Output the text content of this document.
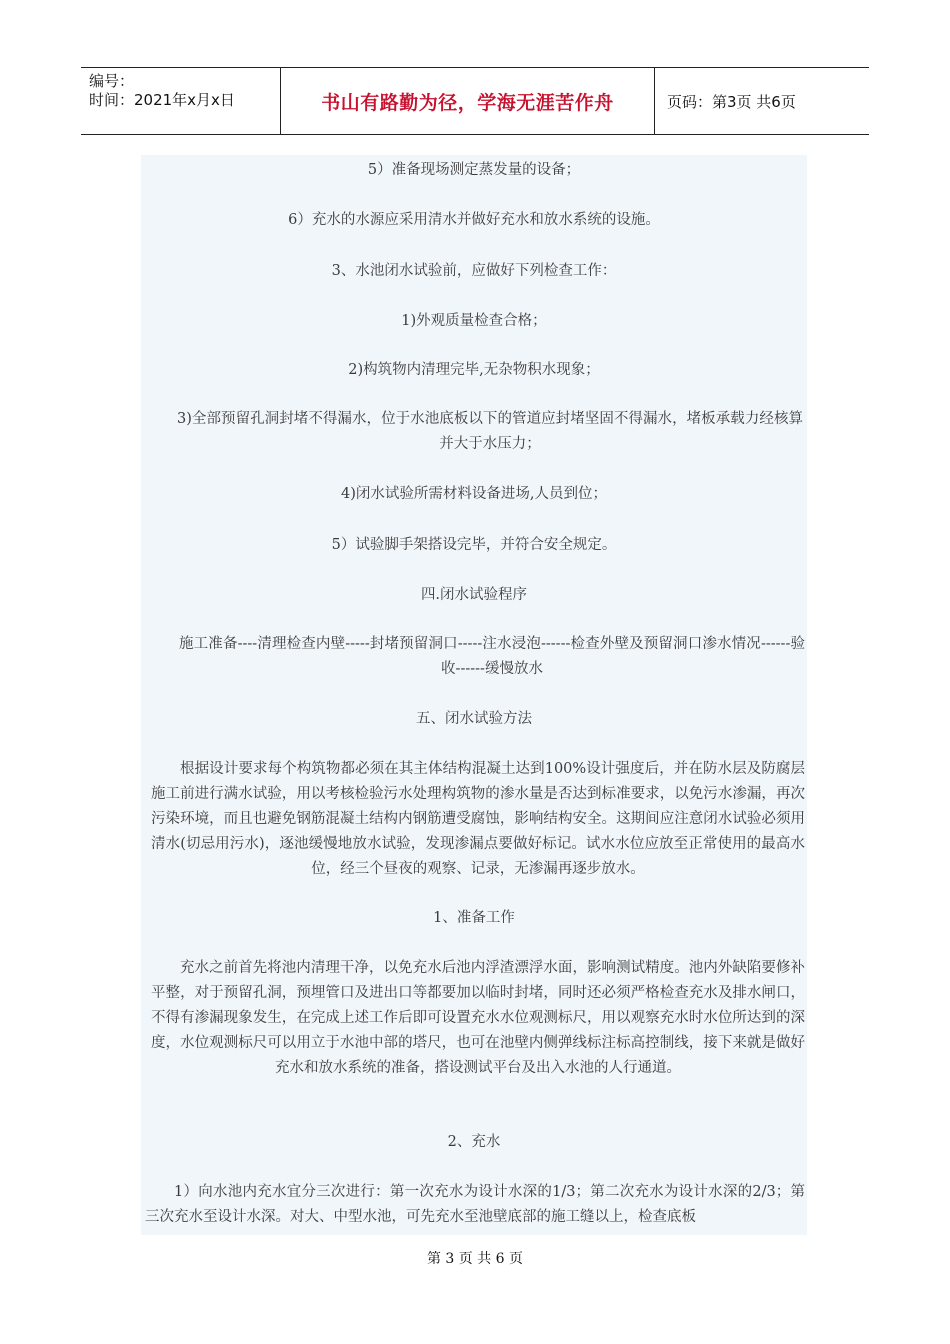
编号：
时间：2021年x月x日	书山有路勤为径，学海无涯苦作舟	页码：第3页 共6页

5）准备现场测定蒸发量的设备；

6）充水的水源应采用清水并做好充水和放水系统的设施。

3、水池闭水试验前，应做好下列检查工作：

1)外观质量检查合格；

2)构筑物内清理完毕,无杂物积水现象；

3)全部预留孔洞封堵不得漏水，位于水池底板以下的管道应封堵坚固不得漏水，堵板承载力经核算并大于水压力；

4)闭水试验所需材料设备进场,人员到位；

5）试验脚手架搭设完毕，并符合安全规定。

四.闭水试验程序

施工准备----清理检查内壁-----封堵预留洞口-----注水浸泡------检查外壁及预留洞口渗水情况------验收------缓慢放水

五、闭水试验方法

根据设计要求每个构筑物都必须在其主体结构混凝土达到100%设计强度后，并在防水层及防腐层施工前进行满水试验，用以考核检验污水处理构筑物的渗水量是否达到标准要求，以免污水渗漏，再次污染环境，而且也避免钢筋混凝土结构内钢筋遭受腐蚀，影响结构安全。这期间应注意闭水试验必须用清水(切忌用污水)，逐池缓慢地放水试验，发现渗漏点要做好标记。试水水位应放至正常使用的最高水位，经三个昼夜的观察、记录，无渗漏再逐步放水。

1、准备工作

充水之前首先将池内清理干净，以免充水后池内浮渣漂浮水面，影响测试精度。池内外缺陷要修补平整，对于预留孔洞，预埋管口及进出口等都要加以临时封堵，同时还必须严格检查充水及排水闸口，不得有渗漏现象发生，在完成上述工作后即可设置充水水位观测标尺，用以观察充水时水位所达到的深度，水位观测标尺可以用立于水池中部的塔尺，也可在池壁内侧弹线标注标高控制线，接下来就是做好充水和放水系统的准备，搭设测试平台及出入水池的人行通道。

2、充水

1）向水池内充水宜分三次进行：第一次充水为设计水深的1/3；第二次充水为设计水深的2/3；第三次充水至设计水深。对大、中型水池，可先充水至池壁底部的施工缝以上，检查底板

第 3 页 共 6 页
